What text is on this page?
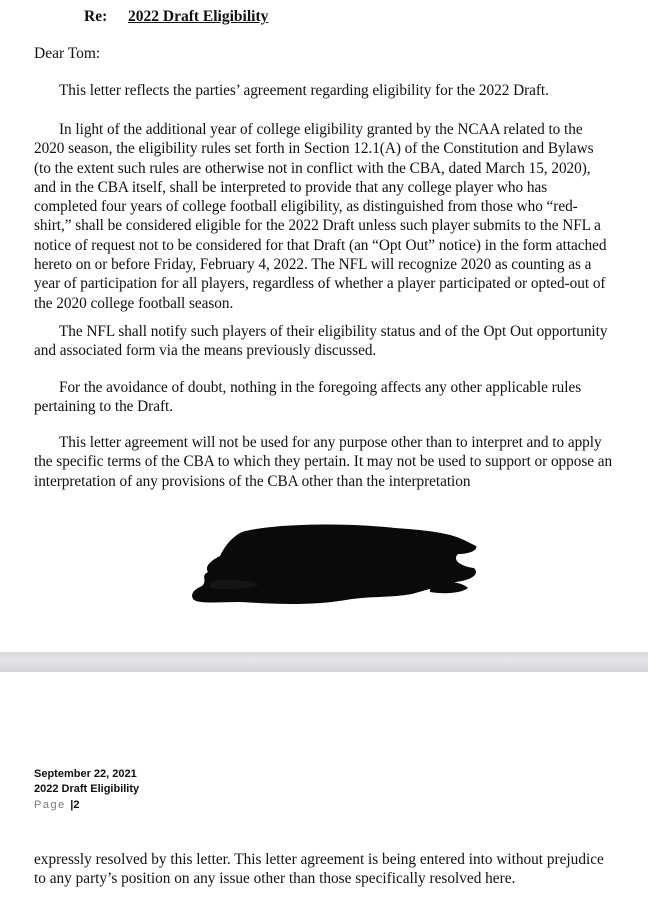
Re: 2022 Draft Eligibility
Dear Tom:

This letter reflects the parties’ agreement regarding eligibility for the 2022 Draft.

In light of the additional year of college eligibility granted by the NCAA related to the 2020 season, the eligibility rules set forth in Section 12.1(A) of the Constitution and Bylaws (to the extent such rules are otherwise not in conflict with the CBA, dated March 15, 2020), and in the CBA itself, shall be interpreted to provide that any college player who has completed four years of college football eligibility, as distinguished from those who “red-shirt,” shall be considered eligible for the 2022 Draft unless such player submits to the NFL a notice of request not to be considered for that Draft (an “Opt Out” notice) in the form attached hereto on or before Friday, February 4, 2022. The NFL will recognize 2020 as counting as a year of participation for all players, regardless of whether a player participated or opted-out of the 2020 college football season.

The NFL shall notify such players of their eligibility status and of the Opt Out opportunity and associated form via the means previously discussed.

For the avoidance of doubt, nothing in the foregoing affects any other applicable rules pertaining to the Draft.

This letter agreement will not be used for any purpose other than to interpret and to apply the specific terms of the CBA to which they pertain. It may not be used to support or oppose an interpretation of any provisions of the CBA other than the interpretation

September 22, 2021
2022 Draft Eligibility
Page |2

expressly resolved by this letter. This letter agreement is being entered into without prejudice to any party’s position on any issue other than those specifically resolved here.
